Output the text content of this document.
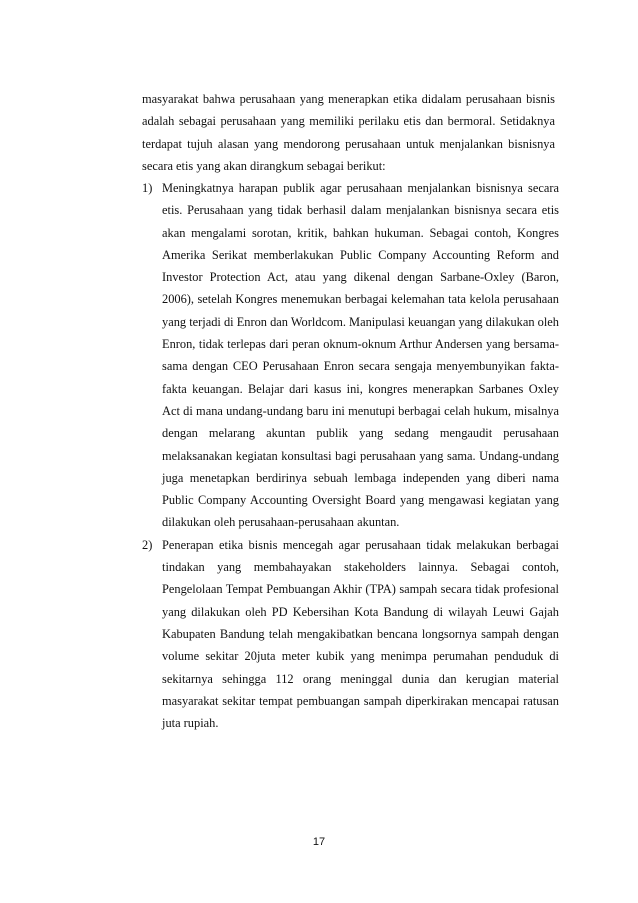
masyarakat bahwa perusahaan yang menerapkan etika didalam perusahaan bisnis adalah sebagai perusahaan yang memiliki perilaku etis dan bermoral. Setidaknya terdapat tujuh alasan yang mendorong perusahaan untuk menjalankan bisnisnya secara etis yang akan dirangkum sebagai berikut:

1) Meningkatnya harapan publik agar perusahaan menjalankan bisnisnya secara etis. Perusahaan yang tidak berhasil dalam menjalankan bisnisnya secara etis akan mengalami sorotan, kritik, bahkan hukuman. Sebagai contoh, Kongres Amerika Serikat memberlakukan Public Company Accounting Reform and Investor Protection Act, atau yang dikenal dengan Sarbane-Oxley (Baron, 2006), setelah Kongres menemukan berbagai kelemahan tata kelola perusahaan yang terjadi di Enron dan Worldcom. Manipulasi keuangan yang dilakukan oleh Enron, tidak terlepas dari peran oknum-oknum Arthur Andersen yang bersama-sama dengan CEO Perusahaan Enron secara sengaja menyembunyikan fakta-fakta keuangan. Belajar dari kasus ini, kongres menerapkan Sarbanes Oxley Act di mana undang-undang baru ini menutupi berbagai celah hukum, misalnya dengan melarang akuntan publik yang sedang mengaudit perusahaan melaksanakan kegiatan konsultasi bagi perusahaan yang sama. Undang-undang juga menetapkan berdirinya sebuah lembaga independen yang diberi nama Public Company Accounting Oversight Board yang mengawasi kegiatan yang dilakukan oleh perusahaan-perusahaan akuntan.
2) Penerapan etika bisnis mencegah agar perusahaan tidak melakukan berbagai tindakan yang membahayakan stakeholders lainnya. Sebagai contoh, Pengelolaan Tempat Pembuangan Akhir (TPA) sampah secara tidak profesional yang dilakukan oleh PD Kebersihan Kota Bandung di wilayah Leuwi Gajah Kabupaten Bandung telah mengakibatkan bencana longsornya sampah dengan volume sekitar 20juta meter kubik yang menimpa perumahan penduduk di sekitarnya sehingga 112 orang meninggal dunia dan kerugian material masyarakat sekitar tempat pembuangan sampah diperkirakan mencapai ratusan juta rupiah.
17
